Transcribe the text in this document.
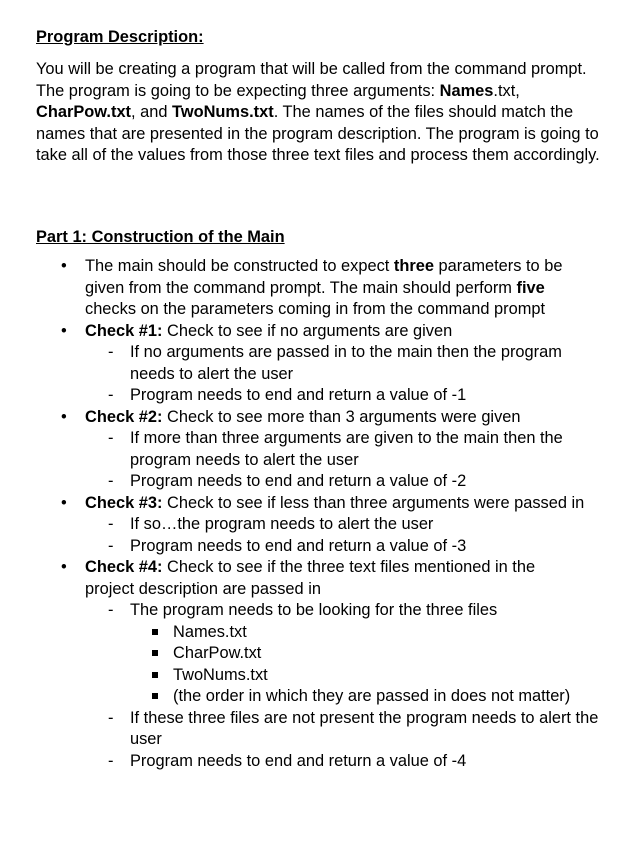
Program Description:

You will be creating a program that will be called from the command prompt. The program is going to be expecting three arguments: Names.txt, CharPow.txt, and TwoNums.txt. The names of the files should match the names that are presented in the program description. The program is going to take all of the values from those three text files and process them accordingly.

Part 1: Construction of the Main
• The main should be constructed to expect three parameters to be given from the command prompt. The main should perform five checks on the parameters coming in from the command prompt
• Check #1: Check to see if no arguments are given
- If no arguments are passed in to the main then the program needs to alert the user
- Program needs to end and return a value of -1
• Check #2: Check to see more than 3 arguments were given
- If more than three arguments are given to the main then the program needs to alert the user
- Program needs to end and return a value of -2
• Check #3: Check to see if less than three arguments were passed in
- If so…the program needs to alert the user
- Program needs to end and return a value of -3
• Check #4: Check to see if the three text files mentioned in the project description are passed in
- The program needs to be looking for the three files
Names.txt
CharPow.txt
TwoNums.txt
(the order in which they are passed in does not matter)
- If these three files are not present the program needs to alert the user
- Program needs to end and return a value of -4
